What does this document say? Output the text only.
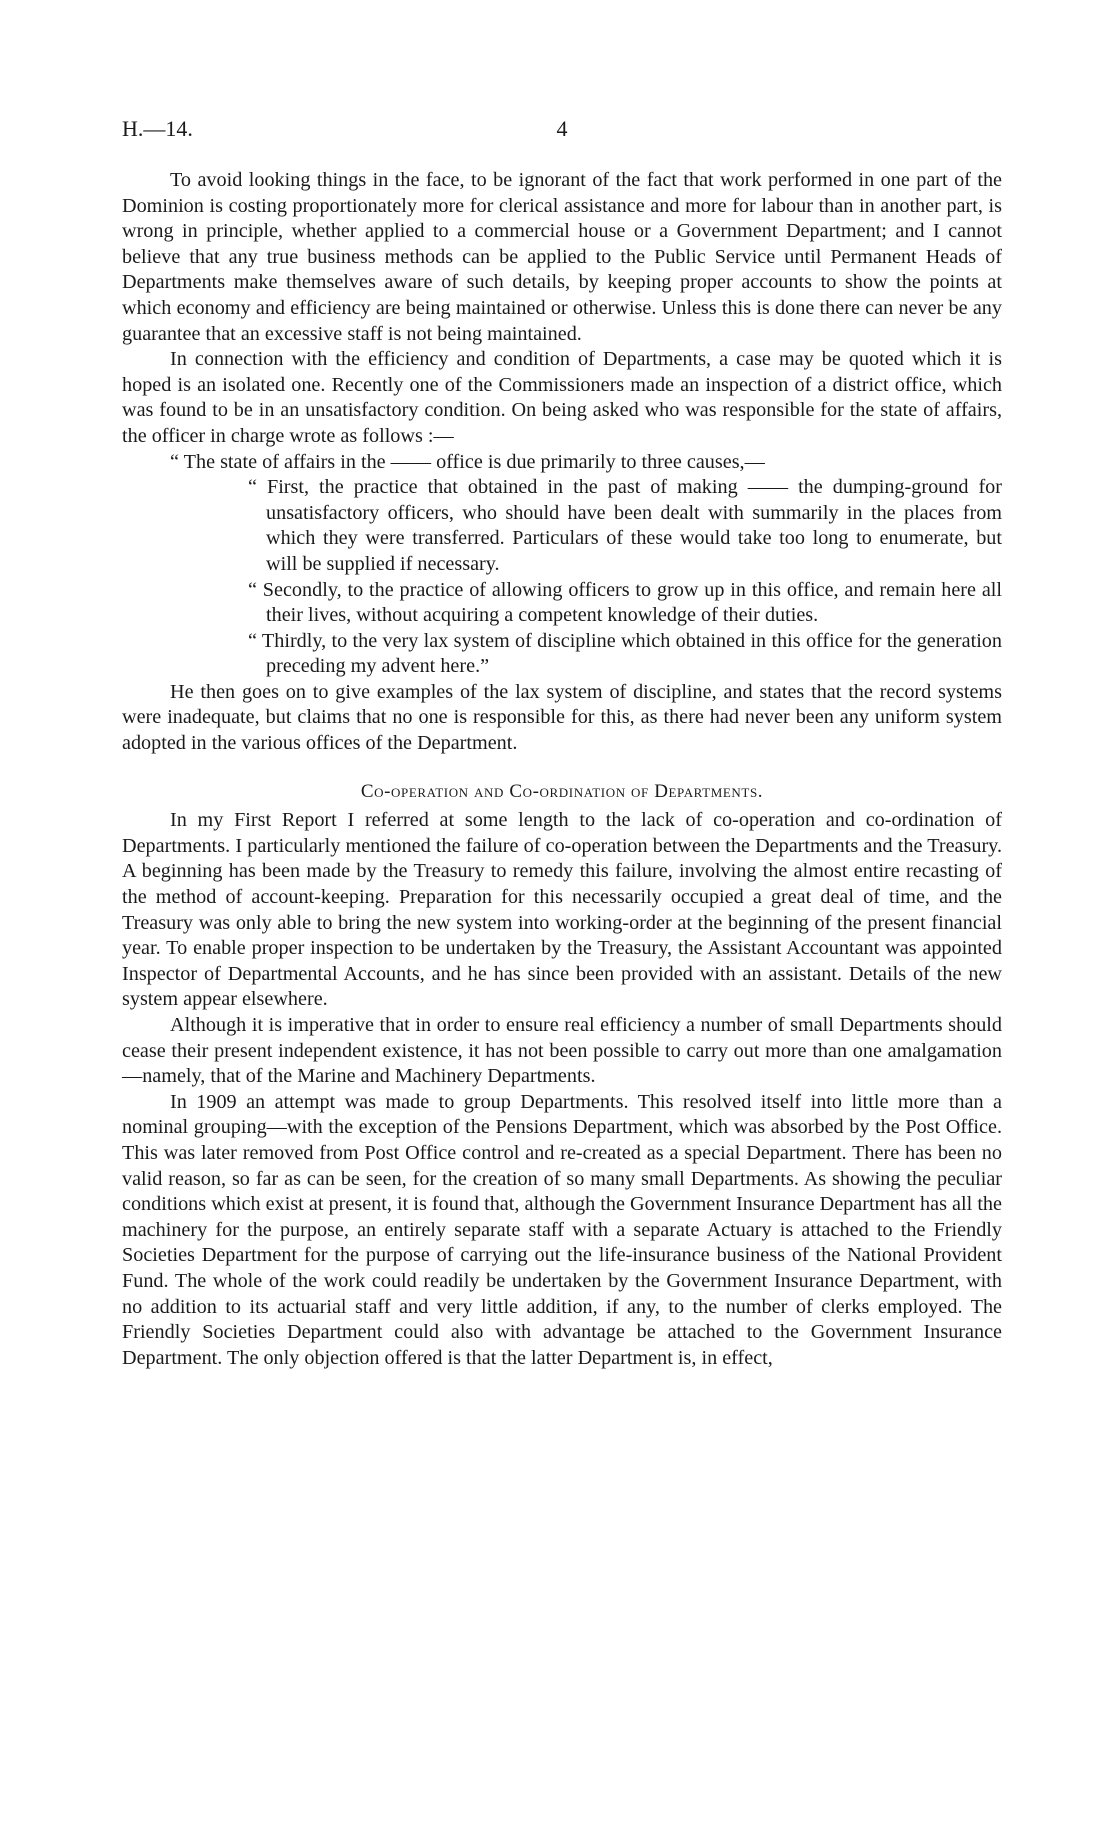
H.—14.	4

To avoid looking things in the face, to be ignorant of the fact that work performed in one part of the Dominion is costing proportionately more for clerical assistance and more for labour than in another part, is wrong in principle, whether applied to a commercial house or a Government Department; and I cannot believe that any true business methods can be applied to the Public Service until Permanent Heads of Departments make themselves aware of such details, by keeping proper accounts to show the points at which economy and efficiency are being maintained or otherwise. Unless this is done there can never be any guarantee that an excessive staff is not being maintained.

In connection with the efficiency and condition of Departments, a case may be quoted which it is hoped is an isolated one. Recently one of the Commissioners made an inspection of a district office, which was found to be in an unsatisfactory condition. On being asked who was responsible for the state of affairs, the officer in charge wrote as follows :—

“ The state of affairs in the —— office is due primarily to three causes,—

“ First, the practice that obtained in the past of making —— the dumping-ground for unsatisfactory officers, who should have been dealt with summarily in the places from which they were transferred. Particulars of these would take too long to enumerate, but will be supplied if necessary.

“ Secondly, to the practice of allowing officers to grow up in this office, and remain here all their lives, without acquiring a competent knowledge of their duties.

“ Thirdly, to the very lax system of discipline which obtained in this office for the generation preceding my advent here.”

He then goes on to give examples of the lax system of discipline, and states that the record systems were inadequate, but claims that no one is responsible for this, as there had never been any uniform system adopted in the various offices of the Department.

Co-operation and Co-ordination of Departments.

In my First Report I referred at some length to the lack of co-operation and co-ordination of Departments. I particularly mentioned the failure of co-operation between the Departments and the Treasury. A beginning has been made by the Treasury to remedy this failure, involving the almost entire recasting of the method of account-keeping. Preparation for this necessarily occupied a great deal of time, and the Treasury was only able to bring the new system into working-order at the beginning of the present financial year. To enable proper inspection to be undertaken by the Treasury, the Assistant Accountant was appointed Inspector of Departmental Accounts, and he has since been provided with an assistant. Details of the new system appear elsewhere.

Although it is imperative that in order to ensure real efficiency a number of small Departments should cease their present independent existence, it has not been possible to carry out more than one amalgamation—namely, that of the Marine and Machinery Departments.

In 1909 an attempt was made to group Departments. This resolved itself into little more than a nominal grouping—with the exception of the Pensions Department, which was absorbed by the Post Office. This was later removed from Post Office control and re-created as a special Department. There has been no valid reason, so far as can be seen, for the creation of so many small Departments. As showing the peculiar conditions which exist at present, it is found that, although the Government Insurance Department has all the machinery for the purpose, an entirely separate staff with a separate Actuary is attached to the Friendly Societies Department for the purpose of carrying out the life-insurance business of the National Provident Fund. The whole of the work could readily be undertaken by the Government Insurance Department, with no addition to its actuarial staff and very little addition, if any, to the number of clerks employed. The Friendly Societies Department could also with advantage be attached to the Government Insurance Department. The only objection offered is that the latter Department is, in effect,
